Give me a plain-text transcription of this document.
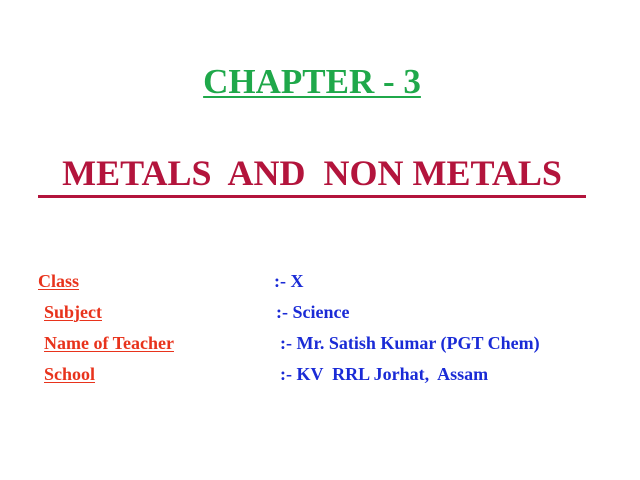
CHAPTER - 3
METALS  AND  NON METALS

Class

	:- X

Subject

	:- Science

Name of Teacher

	:- Mr. Satish Kumar (PGT Chem)

School

	:- KV  RRL Jorhat,  Assam
